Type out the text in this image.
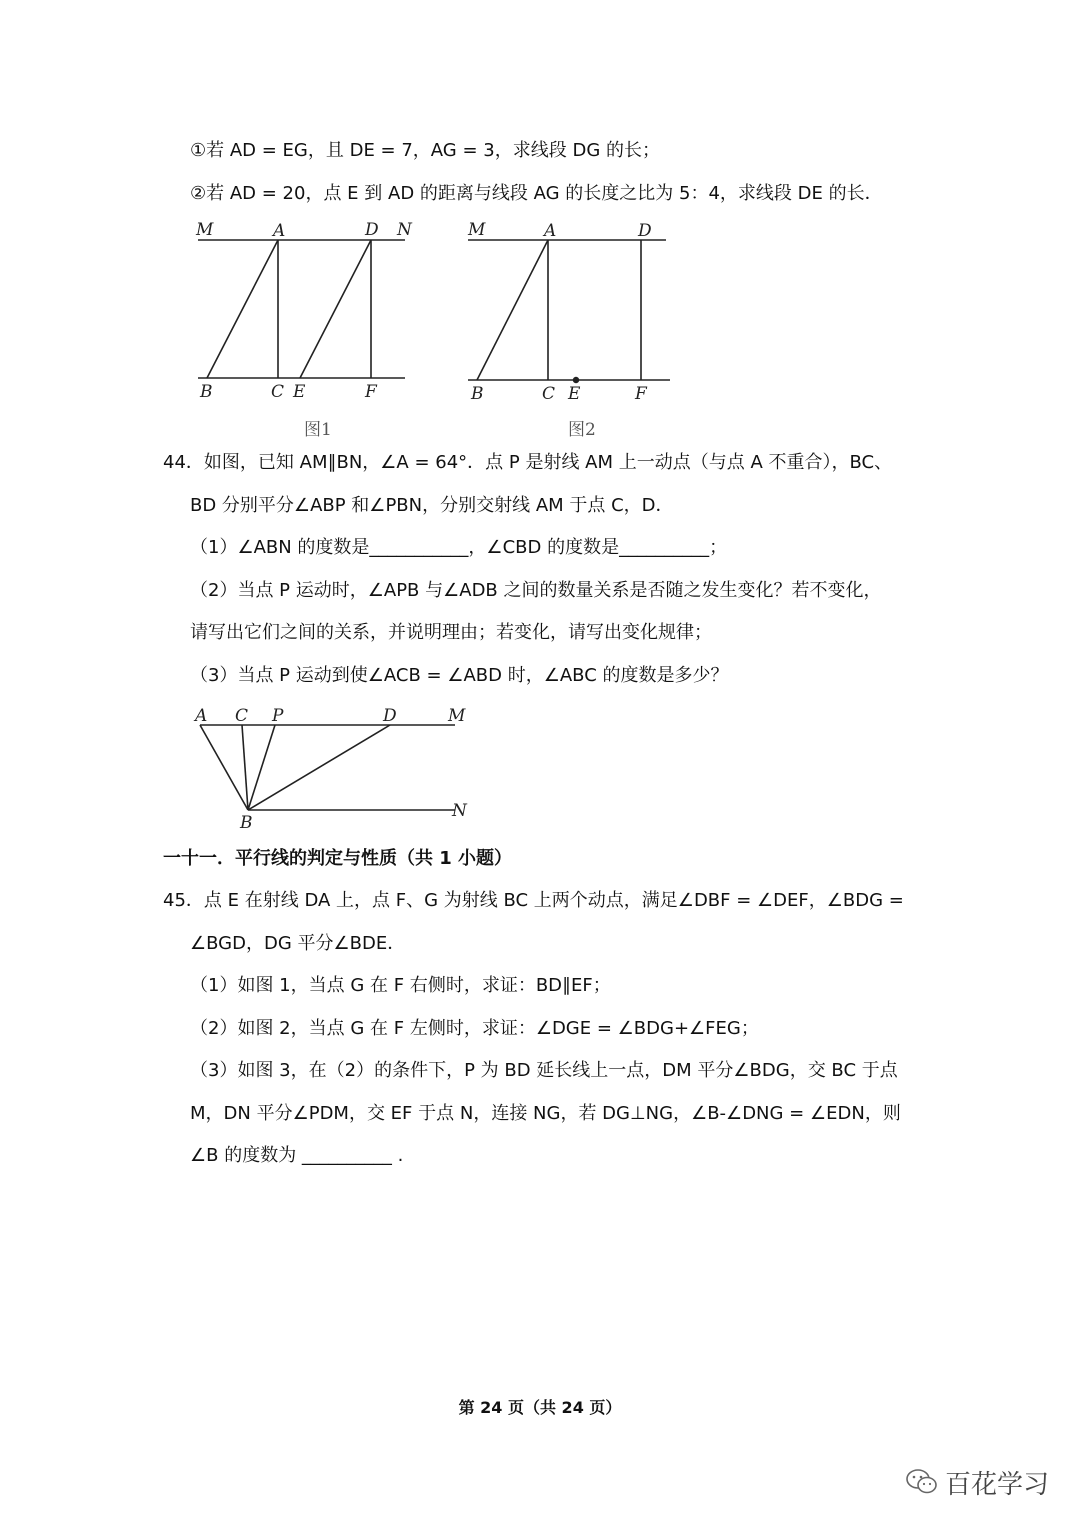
①若 AD = EG，且 DE = 7，AG = 3，求线段 DG 的长；
②若 AD = 20，点 E 到 AD 的距离与线段 AG 的长度之比为 5：4，求线段 DE 的长．
M	A	D N
B	C E	F
图1
M	A	D
B	C E	F
图2
44．如图，已知 AM∥BN，∠A = 64°．点 P 是射线 AM 上一动点（与点 A 不重合），BC、
BD 分别平分∠ABP 和∠PBN，分别交射线 AM 于点 C，D．
（1）∠ABN 的度数是___________，∠CBD 的度数是__________；
（2）当点 P 运动时，∠APB 与∠ADB 之间的数量关系是否随之发生变化？若不变化，
请写出它们之间的关系，并说明理由；若变化，请写出变化规律；
（3）当点 P 运动到使∠ACB = ∠ABD 时，∠ABC 的度数是多少？
A C P	D	M
N
B
一十一．平行线的判定与性质（共 1 小题）
45．点 E 在射线 DA 上，点 F、G 为射线 BC 上两个动点，满足∠DBF = ∠DEF，∠BDG =
∠BGD，DG 平分∠BDE．
（1）如图 1，当点 G 在 F 右侧时，求证：BD∥EF；
（2）如图 2，当点 G 在 F 左侧时，求证：∠DGE = ∠BDG+∠FEG；
（3）如图 3，在（2）的条件下，P 为 BD 延长线上一点，DM 平分∠BDG，交 BC 于点
M，DN 平分∠PDM，交 EF 于点 N，连接 NG，若 DG⊥NG，∠B-∠DNG = ∠EDN，则
∠B 的度数为 __________ .
第 24 页（共 24 页）
百花学习
